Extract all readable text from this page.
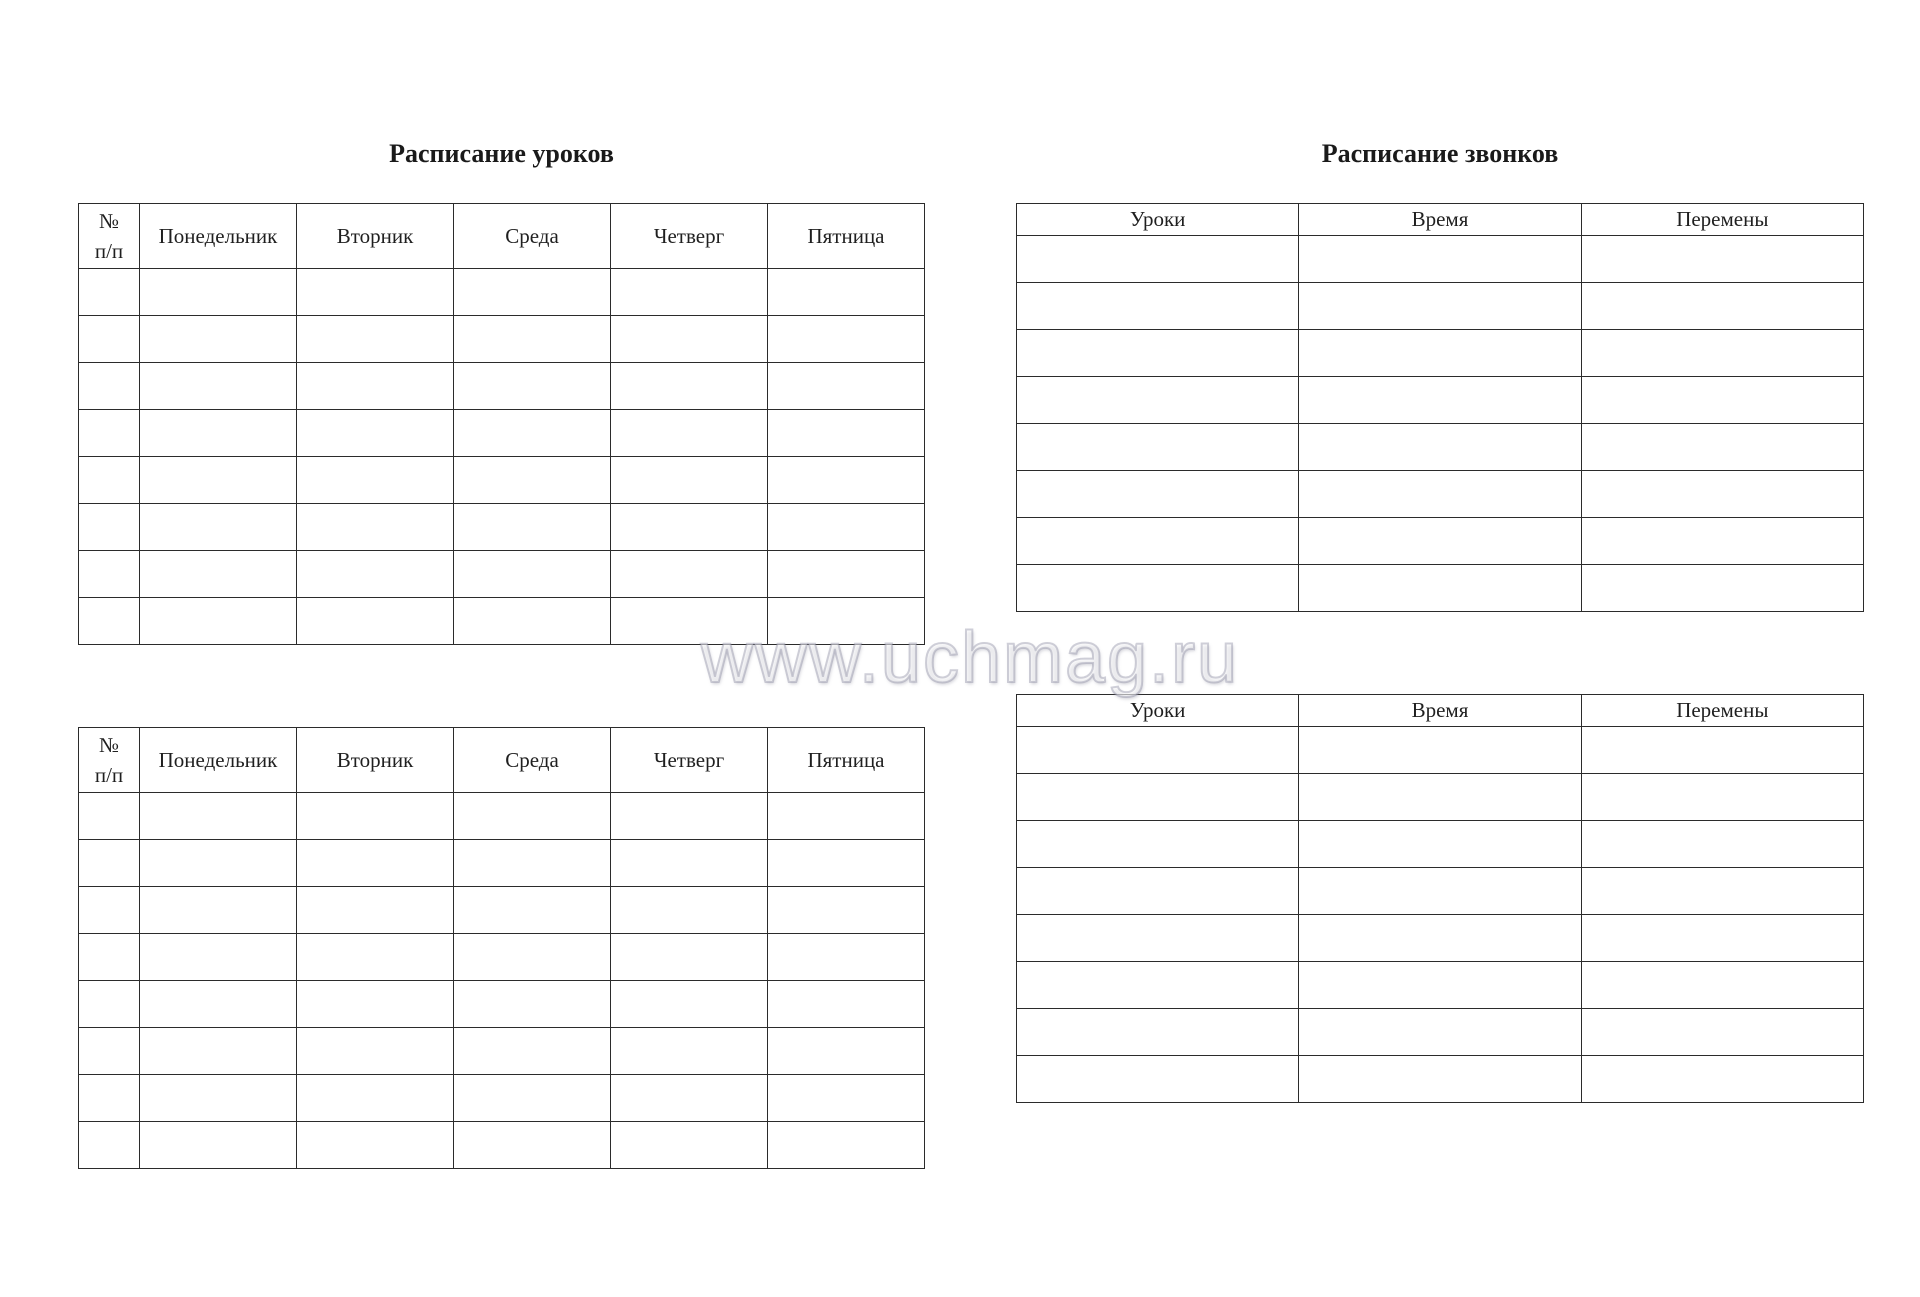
Расписание уроков	Расписание звонков
№
п/п	Понедельник	Вторник	Среда	Четверг	Пятница

№
п/п	Понедельник	Вторник	Среда	Четверг	Пятница

Уроки	Время	Перемены

Уроки	Время	Перемены

www.uchmag.ru
